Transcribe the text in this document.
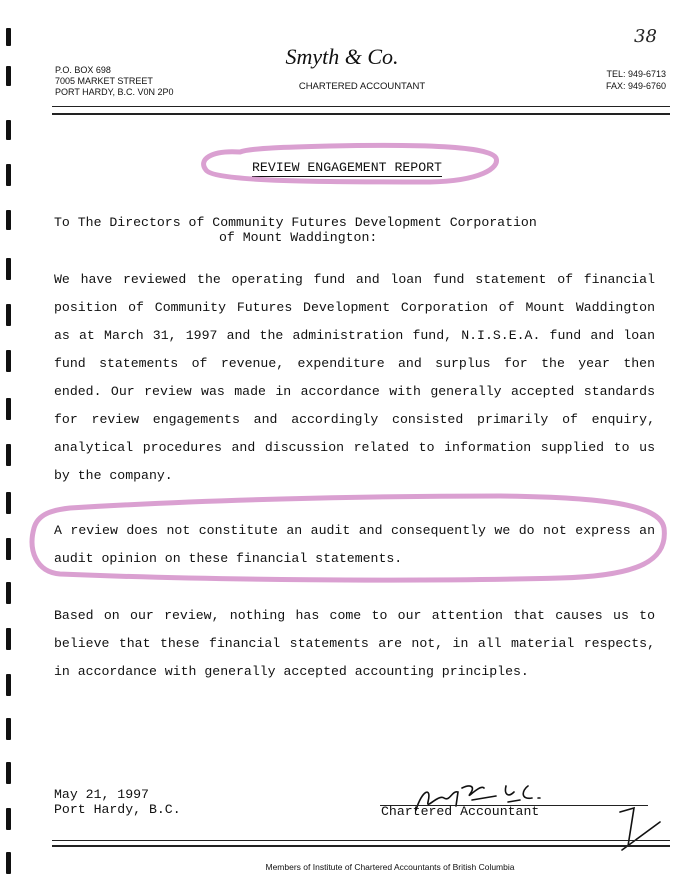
38
P.O. BOX 698
7005 MARKET STREET
PORT HARDY, B.C. V0N 2P0
Smyth & Co.
CHARTERED ACCOUNTANT
TEL: 949-6713
FAX: 949-6760
REVIEW ENGAGEMENT REPORT
To The Directors of Community Futures Development Corporation
of Mount Waddington:
We have reviewed the operating fund and loan fund statement of financial position of Community Futures Development Corporation of Mount Waddington as at March 31, 1997 and the administration fund, N.I.S.E.A. fund and loan fund statements of revenue, expenditure and surplus for the year then ended. Our review was made in accordance with generally accepted standards for review engagements and accordingly consisted primarily of enquiry, analytical procedures and discussion related to information supplied to us by the company.
A review does not constitute an audit and consequently we do not express an audit opinion on these financial statements.
Based on our review, nothing has come to our attention that causes us to believe that these financial statements are not, in all material respects, in accordance with generally accepted accounting principles.
May 21, 1997
Port Hardy, B.C.	Chartered Accountant
Members of Institute of Chartered Accountants of British Columbia
